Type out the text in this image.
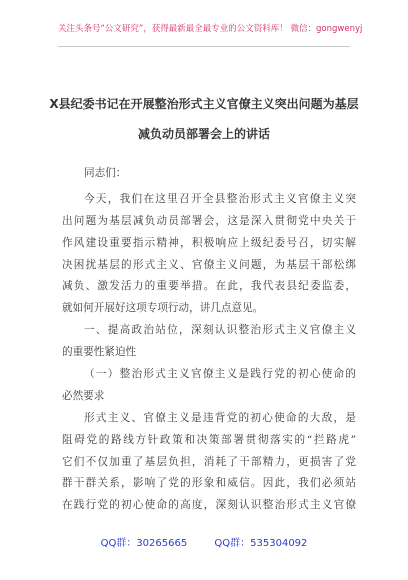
关注头条号“公文研究”，获得最新最全最专业的公文资料库！ 微信：gongwenyj
X县纪委书记在开展整治形式主义官僚主义突出问题为基层
减负动员部署会上的讲话
同志们：
今天，我们在这里召开全县整治形式主义官僚主义突
出问题为基层减负动员部署会，这是深入贯彻党中央关于
作风建设重要指示精神，积极响应上级纪委号召，切实解
决困扰基层的形式主义、官僚主义问题，为基层干部松绑
减负、激发活力的重要举措。在此，我代表县纪委监委，
就如何开展好这项专项行动，讲几点意见。
一、提高政治站位，深刻认识整治形式主义官僚主义
的重要性紧迫性
（一）整治形式主义官僚主义是践行党的初心使命的
必然要求
形式主义、官僚主义是违背党的初心使命的大敌，是
阻碍党的路线方针政策和决策部署贯彻落实的“拦路虎”
它们不仅加重了基层负担，消耗了干部精力，更损害了党
群干群关系，影响了党的形象和威信。因此，我们必须站
在践行党的初心使命的高度，深刻认识整治形式主义官僚
QQ群：30265665	QQ群：535304092
